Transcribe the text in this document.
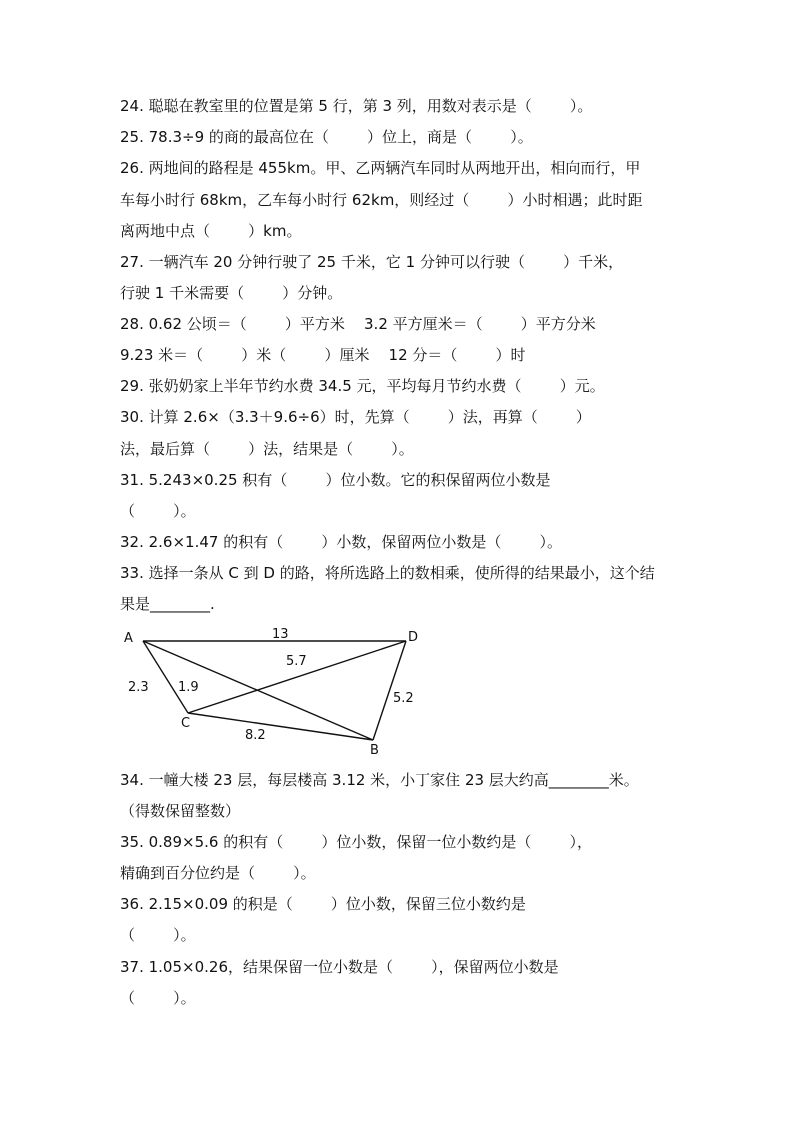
24. 聪聪在教室里的位置是第 5 行，第 3 列，用数对表示是（        ）。
25. 78.3÷9 的商的最高位在（        ）位上，商是（        ）。
26. 两地间的路程是 455km。甲、乙两辆汽车同时从两地开出，相向而行，甲
车每小时行 68km，乙车每小时行 62km，则经过（        ）小时相遇；此时距
离两地中点（        ）km。
27. 一辆汽车 20 分钟行驶了 25 千米，它 1 分钟可以行驶（        ）千米，
行驶 1 千米需要（        ）分钟。
28. 0.62 公顷＝（        ）平方米    3.2 平方厘米＝（        ）平方分米
9.23 米＝（        ）米（        ）厘米    12 分＝（        ）时
29. 张奶奶家上半年节约水费 34.5 元，平均每月节约水费（        ）元。
30. 计算 2.6×（3.3＋9.6÷6）时，先算（        ）法，再算（        ）
法，最后算（        ）法，结果是（        ）。
31. 5.243×0.25 积有（        ）位小数。它的积保留两位小数是
（        ）。
32. 2.6×1.47 的积有（        ）小数，保留两位小数是（        ）。
33. 选择一条从 C 到 D 的路，将所选路上的数相乘，使所得的结果最小，这个结
果是________.
A	D
C
B
13
5.7
2.3 1.9
5.2
8.2
34. 一幢大楼 23 层，每层楼高 3.12 米，小丁家住 23 层大约高________米。
（得数保留整数）
35. 0.89×5.6 的积有（        ）位小数，保留一位小数约是（        ），
精确到百分位约是（        ）。
36. 2.15×0.09 的积是（        ）位小数，保留三位小数约是
（        ）。
37. 1.05×0.26，结果保留一位小数是（        ），保留两位小数是
（        ）。
